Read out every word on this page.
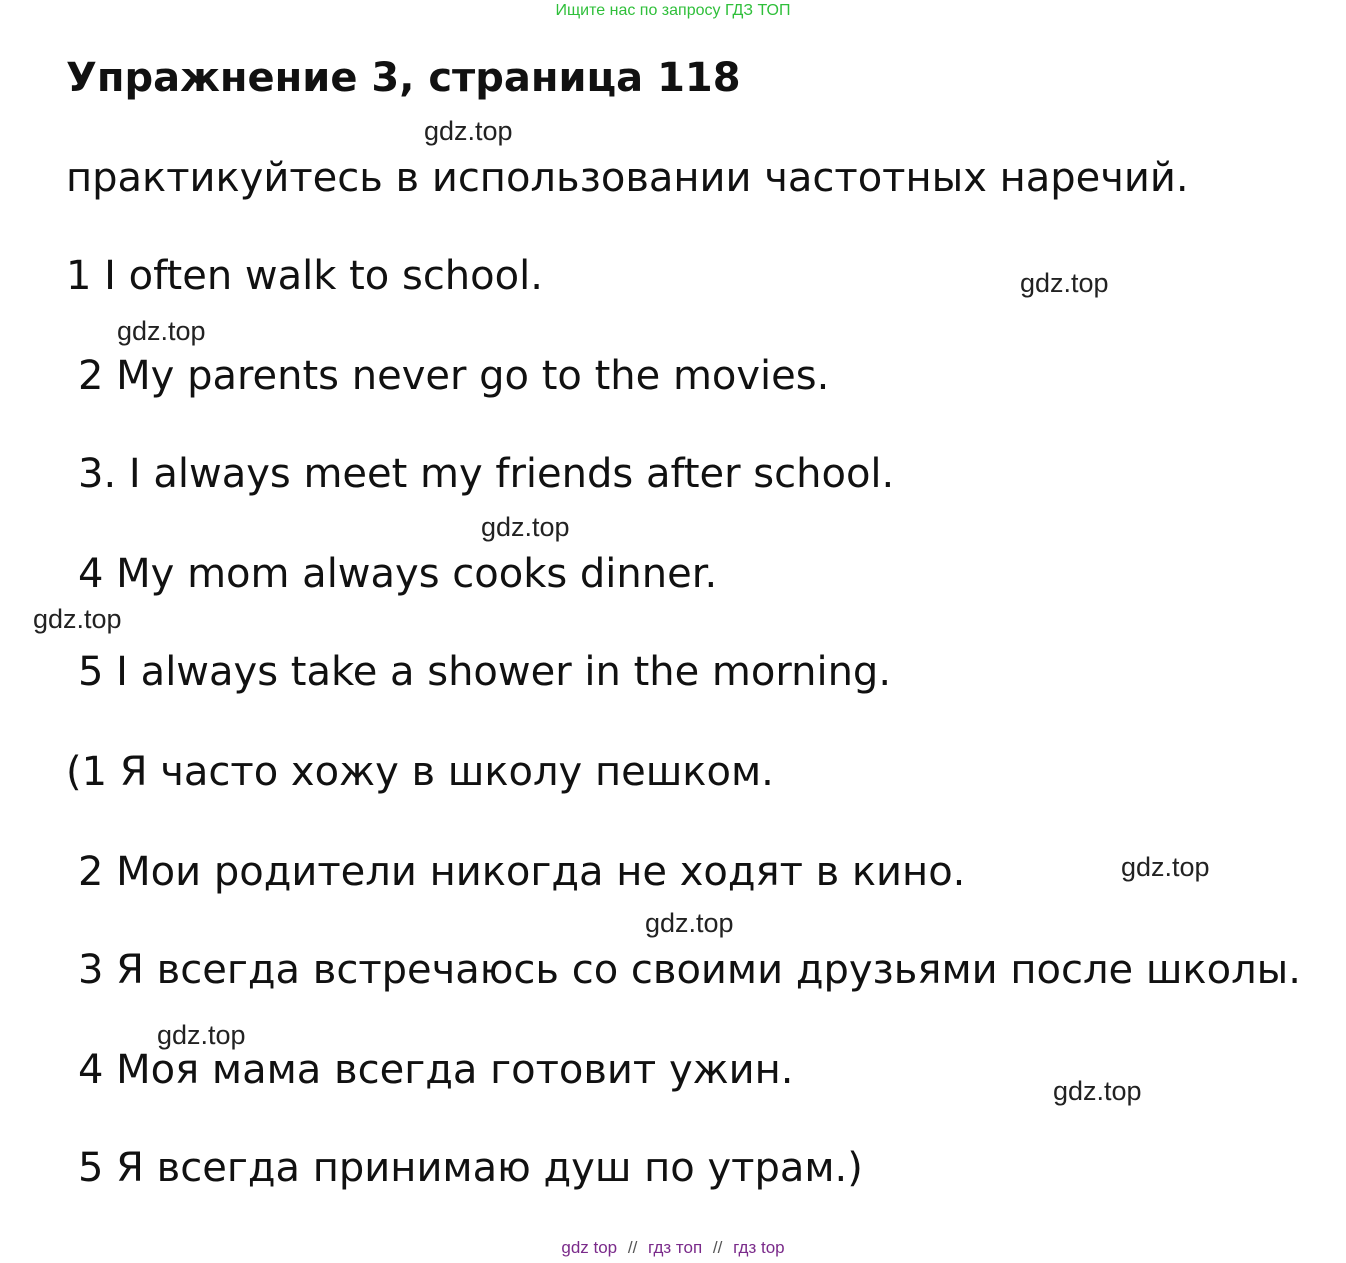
Ищите нас по запросу ГДЗ ТОП
Упражнение 3, страница 118
практикуйтесь в использовании частотных наречий.
1 I often walk to school.
2 My parents never go to the movies.
3. I always meet my friends after school.
4 My mom always cooks dinner.
5 I always take a shower in the morning.
(1 Я часто хожу в школу пешком.
2 Мои родители никогда не ходят в кино.
3 Я всегда встречаюсь со своими друзьями после школы.
4 Моя мама всегда готовит ужин.
5 Я всегда принимаю душ по утрам.)
gdz.top
gdz.top
gdz.top
gdz.top
gdz.top
gdz.top
gdz.top
gdz.top
gdz.top
gdz top // гдз топ // гдз top
